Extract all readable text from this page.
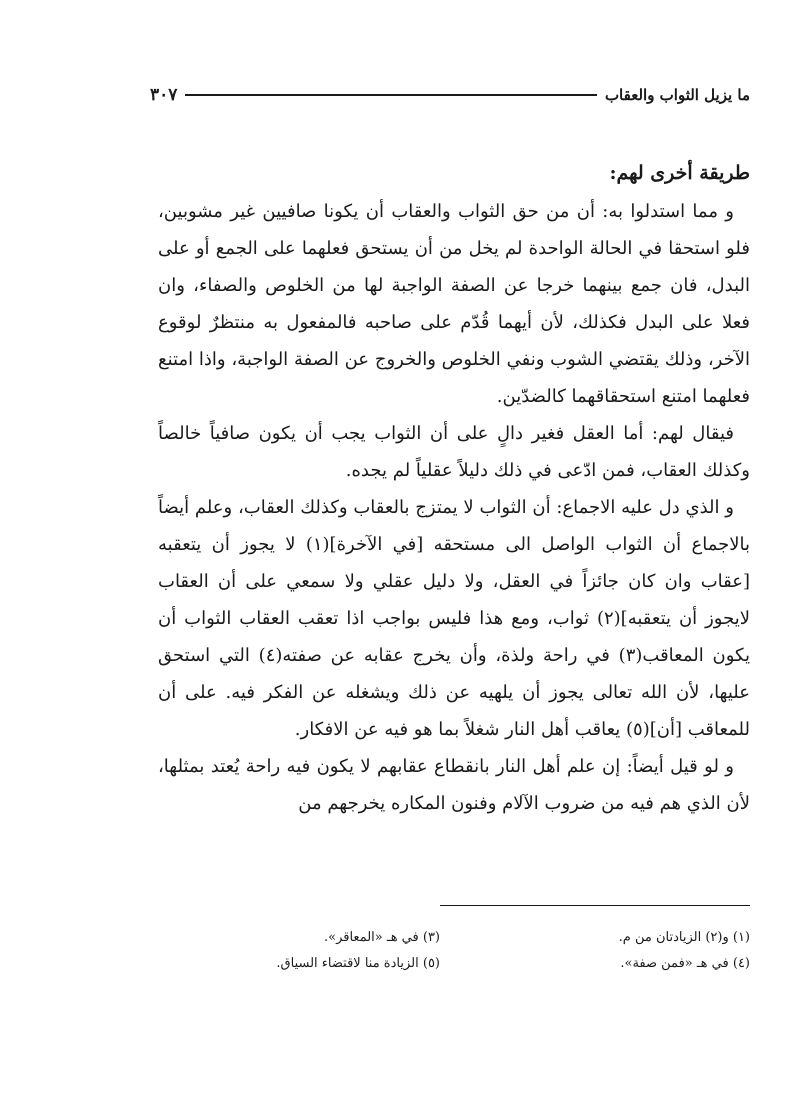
ما يزيل الثواب والعقاب
٣٠٧

طريقة أخرى لهم:

و مما استدلوا به: أن من حق الثواب والعقاب أن يكونا صافيين غير مشوبين، فلو استحقا في الحالة الواحدة لم يخل من أن يستحق فعلهما على الجمع أو على البدل، فان جمع بينهما خرجا عن الصفة الواجبة لها من الخلوص والصفاء، وان فعلا على البدل فكذلك، لأن أيهما قُدّم على صاحبه فالمفعول به منتظرٌ لوقوع الآخر، وذلك يقتضي الشوب ونفي الخلوص والخروج عن الصفة الواجبة، واذا امتنع فعلهما امتنع استحقاقهما كالضدّين.

فيقال لهم: أما العقل فغير دالٍ على أن الثواب يجب أن يكون صافياً خالصاً وكذلك العقاب، فمن ادّعى في ذلك دليلاً عقلياً لم يجده.

و الذي دل عليه الاجماع: أن الثواب لا يمتزج بالعقاب وكذلك العقاب، وعلم أيضاً بالاجماع أن الثواب الواصل الى مستحقه [في الآخرة](١) لا يجوز أن يتعقبه [عقاب وان كان جائزاً في العقل، ولا دليل عقلي ولا سمعي على أن العقاب لايجوز أن يتعقبه](٢) ثواب، ومع هذا فليس بواجب اذا تعقب العقاب الثواب أن يكون المعاقب(٣) في راحة ولذة، وأن يخرج عقابه عن صفته(٤) التي استحق عليها، لأن الله تعالى يجوز أن يلهيه عن ذلك ويشغله عن الفكر فيه. على أن للمعاقب [أن](٥) يعاقب أهل النار شغلاً بما هو فيه عن الافكار.

و لو قيل أيضاً: إن علم أهل النار بانقطاع عقابهم لا يكون فيه راحة يُعتد بمثلها، لأن الذي هم فيه من ضروب الآلام وفنون المكاره يخرجهم من

(١) و(٢) الزيادتان من م.
(٣) في هـ «المعاقر».
(٤) في هـ «فمن صفة».
(٥) الزيادة منا لاقتضاء السياق.
